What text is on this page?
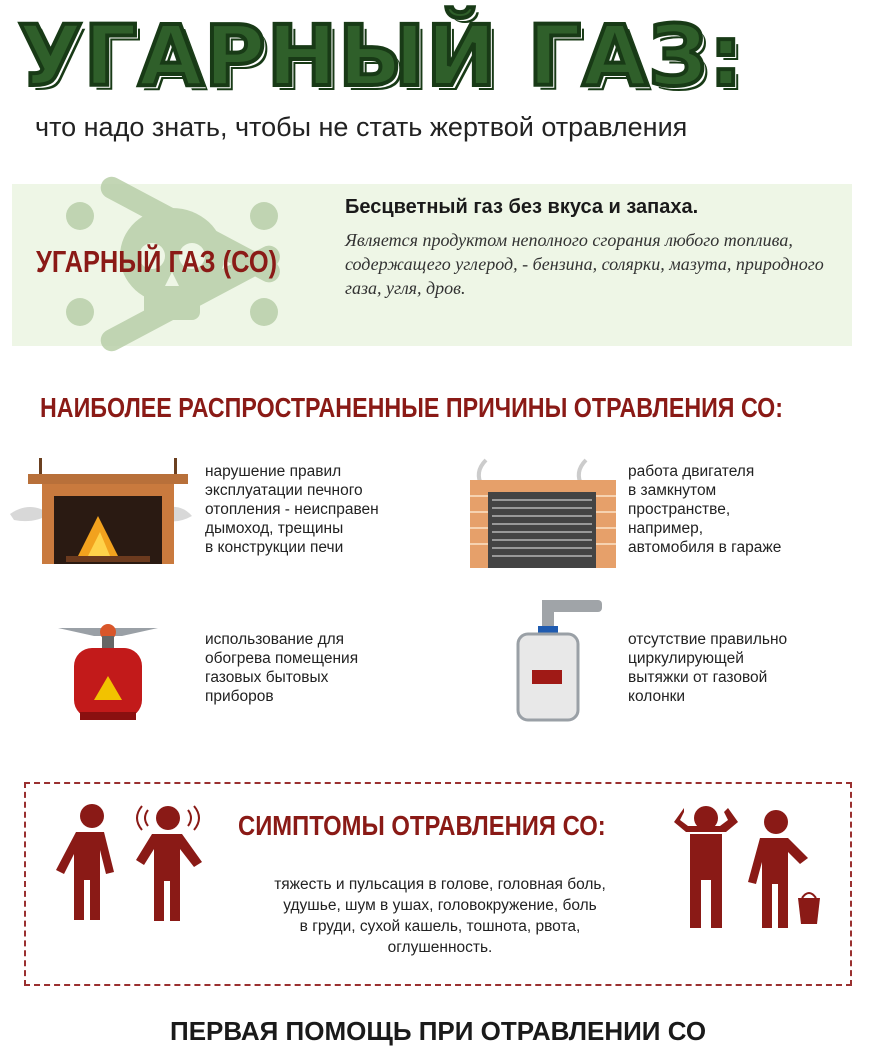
УГАРНЫЙ ГАЗ:
что надо знать, чтобы не стать жертвой отравления
УГАРНЫЙ ГАЗ (СО)
Бесцветный газ без вкуса и запаха.
Является продуктом неполного сгорания любого топлива, содержащего углерод, - бензина, солярки, мазута, природного газа, угля, дров.
НАИБОЛЕЕ РАСПРОСТРАНЕННЫЕ ПРИЧИНЫ ОТРАВЛЕНИЯ СО:
нарушение правил
эксплуатации печного
отопления - неисправен
дымоход, трещины
в конструкции печи
работа двигателя
в замкнутом
пространстве,
например,
автомобиля в гараже
использование для
обогрева помещения
газовых бытовых
приборов
отсутствие правильно
циркулирующей
вытяжки от газовой
колонки
СИМПТОМЫ ОТРАВЛЕНИЯ СО:
тяжесть и пульсация в голове, головная боль,
удушье, шум в ушах, головокружение, боль
в груди, сухой кашель, тошнота, рвота,
оглушенность.
ПЕРВАЯ ПОМОЩЬ ПРИ ОТРАВЛЕНИИ СО
